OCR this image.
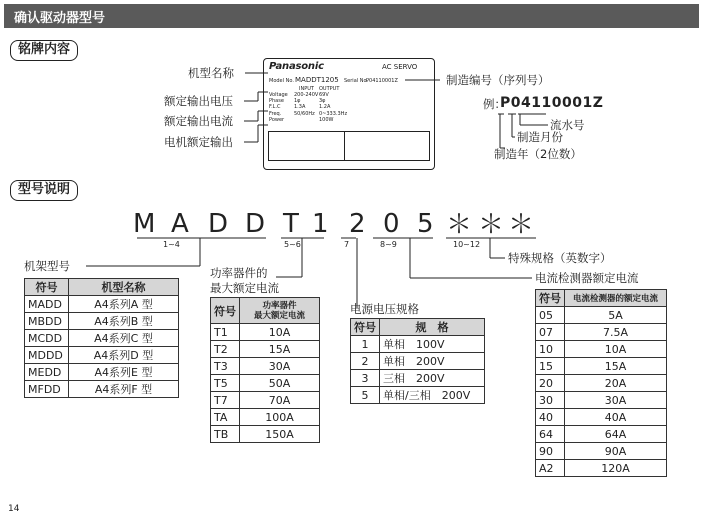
确认驱动器型号
铭牌内容
机型名称
额定输出电压
额定输出电流
电机额定输出
制造编号（序列号）
Panasonic	AC SERVO
Model No. MADDT1205 Serial No.
P04110001Z
INPUT OUTPUT
Voltage 200-240V 69V
Phase 1φ	3φ
F.L.C	1.3A	1.2A
Freq.	50/60Hz 0~333.3Hz
Power	100W
例：
P04110001Z
流水号
制造月份
制造年（2位数）
型号说明
M A D D T 1 2 0 5 ＊ ＊ ＊
1~4	5~6	7	8~9	10~12
机架型号	功率器件的
最大额定电流
电源电压规格
特殊规格（英数字）
电流检测器额定电流
符号	机型名称
MADD	A4系列A 型
MBDD	A4系列B 型
MCDD	A4系列C 型
MDDD	A4系列D 型
MEDD	A4系列E 型
MFDD	A4系列F 型
符号	功率器件
最大额定电流
T1	10A
T2	15A
T3	30A
T5	50A
T7	70A
TA	100A
TB	150A
符号	规　格
1	单相　100V
2	单相　200V
3	三相　200V
5	单相/三相　200V
符号	电流检测器的额定电流
05	5A
07	7.5A
10	10A
15	15A
20	20A
30	30A
40	40A
64	64A
90	90A
A2	120A
14
